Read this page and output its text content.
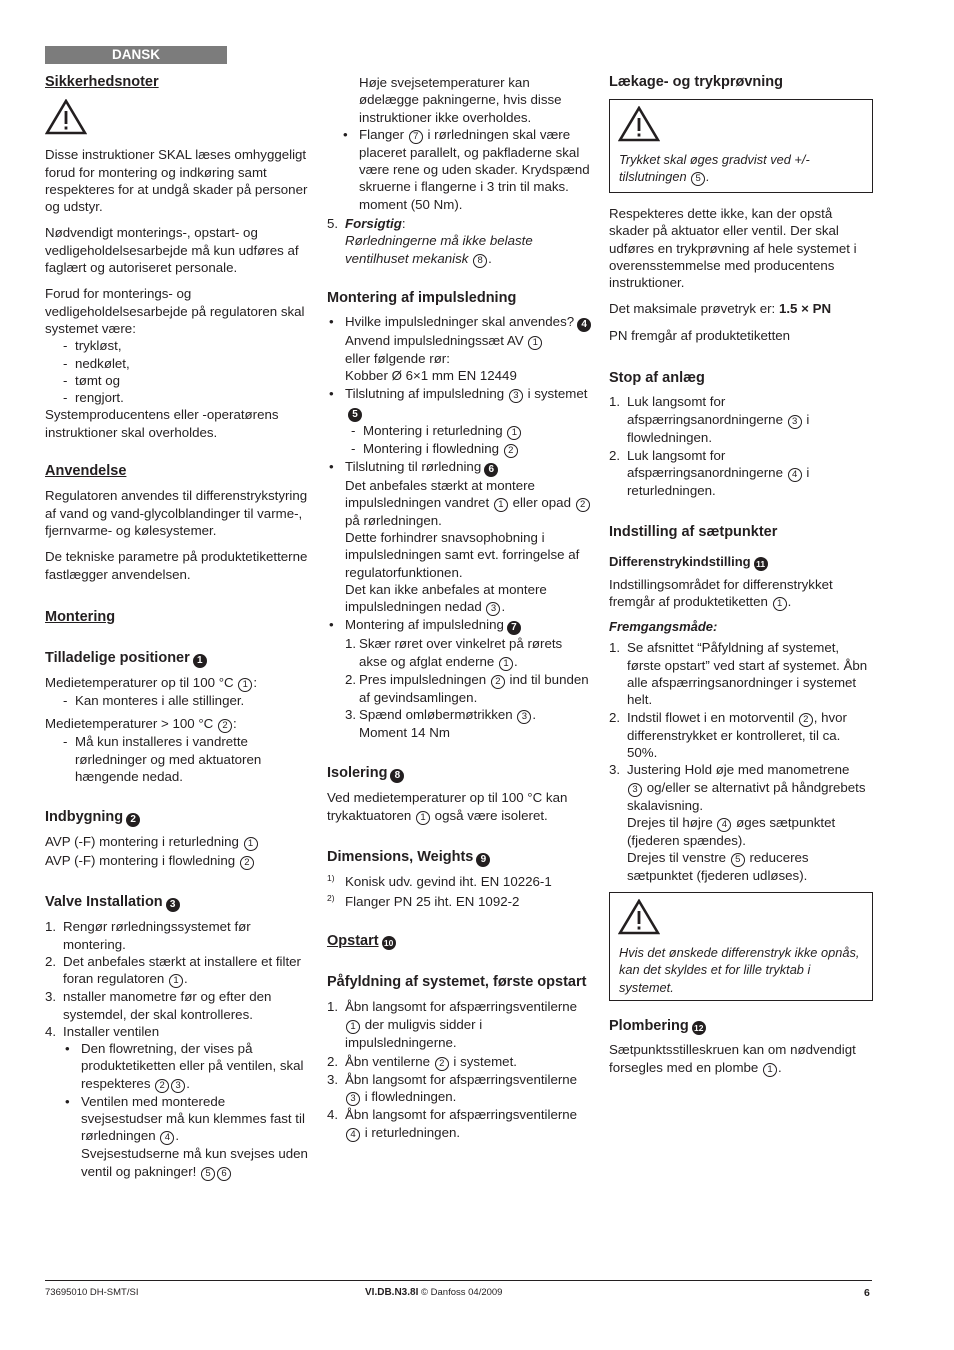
DANSK
Sikkerhedsnoter

Disse instruktioner SKAL læses omhyggeligt forud for montering og indkøring samt respekteres for at undgå skader på personer og udstyr.

Nødvendigt monterings-, opstart- og vedligeholdelsesarbejde må kun udføres af faglært og autoriseret personale.

Forud for monterings- og vedligeholdelsesarbejde på regulatoren skal systemet være:

- trykløst,
- nedkølet,
- tømt og
- rengjort.

Systemproducentens eller -operatørens instruktioner skal overholdes.

Anvendelse

Regulatoren anvendes til differenstrykstyring af vand og vand-glycolblandinger til varme-, fjernvarme- og kølesystemer.

De tekniske parametre på produktetiketterne fastlægger anvendelsen.

Montering
Tilladelige positioner 1

Medietemperaturer op til 100 °C 1 :

- Kan monteres i alle stillinger.

Medietemperaturer > 100 °C 2 :

- Må kun installeres i vandrette rørledninger og med aktuatoren hængende nedad.
Indbygning 2

AVP (-F) montering i returledning 1

AVP (-F) montering i flowledning 2

Valve Installation 3
1. Rengør rørledningssystemet før montering.
2. Det anbefales stærkt at installere et filter foran regulatoren 1 .
3. nstaller manometre før og efter den systemdel, der skal kontrolleres.
4. Installer ventilen
• Den flowretning, der vises på produktetiketten eller på ventilen, skal respekteres 2 3 .
• Ventilen med monterede svejsestudser må kun klemmes fast til rørledningen 4 .
Svejsestudserne må kun svejses uden ventil og pakninger! 5 6
Høje svejsetemperaturer kan ødelægge pakningerne, hvis disse instruktioner ikke overholdes.
• Flanger 7 i rørledningen skal være placeret parallelt, og pakfladerne skal være rene og uden skader. Krydspænd skruerne i flangerne i 3 trin til maks. moment (50 Nm).
5. Forsigtig:
Rørledningerne må ikke belaste ventilhuset mekanisk 8 .
Montering af impulsledning
• Hvilke impulsledninger skal anvendes? 4
Anvend impulsledningssæt AV 1
eller følgende rør:
Kobber Ø 6×1 mm EN 12449
• Tilslutning af impulsledning 3 i systemet5
- Montering i returledning 1
- Montering i flowledning 2
• Tilslutning til rørledning 6
Det anbefales stærkt at montere impulsledningen vandret 1 eller opad 2 på rørledningen.
Dette forhindrer snavsophobning i impulsledningen samt evt. forringelse af regulatorfunktionen.
Det kan ikke anbefales at montere impulsledningen nedad 3 .
• Montering af impulsledning 7
1. Skær røret over vinkelret på rørets akse og afglat enderne 1 .
2. Pres impulsledningen 2 ind til bunden af gevindsamlingen.
3. Spænd omløbermøtrikken 3 .
Moment 14 Nm
Isolering 8

Ved medietemperaturer op til 100 °C kan trykaktuatoren 1 også være isoleret.

Dimensions, Weights 9
1) Konisk udv. gevind iht. EN 10226-1
2) Flanger PN 25 iht. EN 1092-2
Opstart 10
Påfyldning af systemet, første opstart
1. Åbn langsomt for afspærringsventilerne
1 der muligvis sidder i impulsledningerne.
2. Åbn ventilerne 2 i systemet.
3. Åbn langsomt for afspærringsventilerne
3 i flowledningen.
4. Åbn langsomt for afspærringsventilerne
4 i returledningen.
Lækage- og trykprøvning
Trykket skal øges gradvist ved +/- tilslutningen 5 .

Respekteres dette ikke, kan der opstå skader på aktuator eller ventil. Der skal udføres en trykprøvning af hele systemet i overensstemmelse med producentens instruktioner.

Det maksimale prøvetryk er: 1.5 × PN

PN fremgår af produktetiketten

Stop af anlæg
1. Luk langsomt for afspærringsanordningerne 3 i flowledningen.
2. Luk langsomt for afspærringsanordningerne 4 i returledningen.
Indstilling af sætpunkter
Differenstrykindstilling 11

Indstillingsområdet for differenstrykket fremgår af produktetiketten 1 .

Fremgangsmåde:
1. Se afsnittet “Påfyldning af systemet, første opstart” ved start af systemet. Åbn alle afspærringsanordninger i systemet helt.
2. Indstil flowet i en motorventil 2 , hvor differenstrykket er kontrolleret, til ca. 50%.
3. Justering Hold øje med manometrene
3 og/eller se alternativt på håndgrebets skalavisning.
Drejes til højre 4 øges sætpunktet (fjederen spændes).
Drejes til venstre 5 reduceres sætpunktet (fjederen udløses).
Hvis det ønskede differenstryk ikke opnås, kan det skyldes et for lille tryktab i systemet.
Plombering 12

Sætpunktsstilleskruen kan om nødvendigt forsegles med en plombe 1 .

73695010 DH-SMT/SI	VI.DB.N3.8I © Danfoss 04/2009	6
